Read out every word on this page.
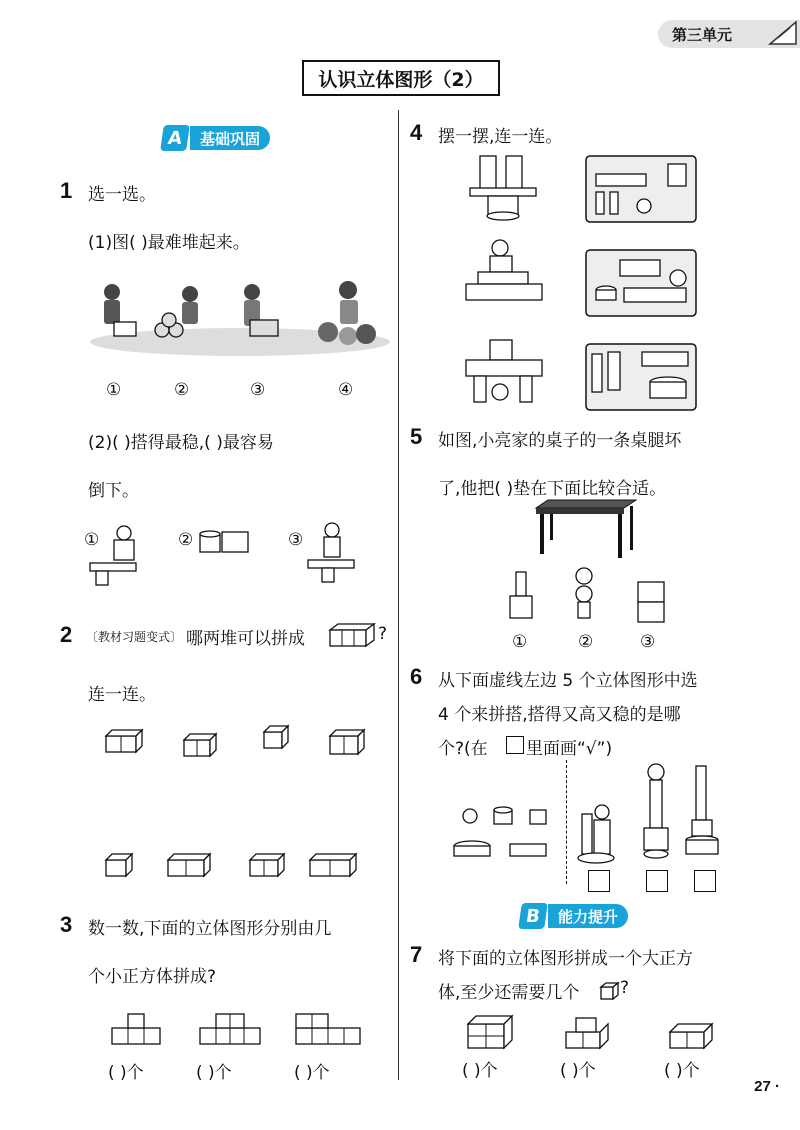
第三单元
认识立体图形（2）
A	基础巩固
1 选一选。
(1)图( )最难堆起来。
①	②	③	④
(2)( )搭得最稳,( )最容易
倒下。
①	②	③
2 〔教材习题变式〕 哪两堆可以拼成	?
连一连。
3 数一数,下面的立体图形分别由几
个小正方体拼成?
( )个	( )个	( )个
4 摆一摆,连一连。
5 如图,小亮家的桌子的一条桌腿坏
了,他把( )垫在下面比较合适。
①	②	③
6 从下面虚线左边 5 个立体图形中选
4 个来拼搭,搭得又高又稳的是哪
个?(在 里面画“√”)
B	能力提升
7 将下面的立体图形拼成一个大正方
体,至少还需要几个 ?
( )个	( )个	( )个
27 ·
